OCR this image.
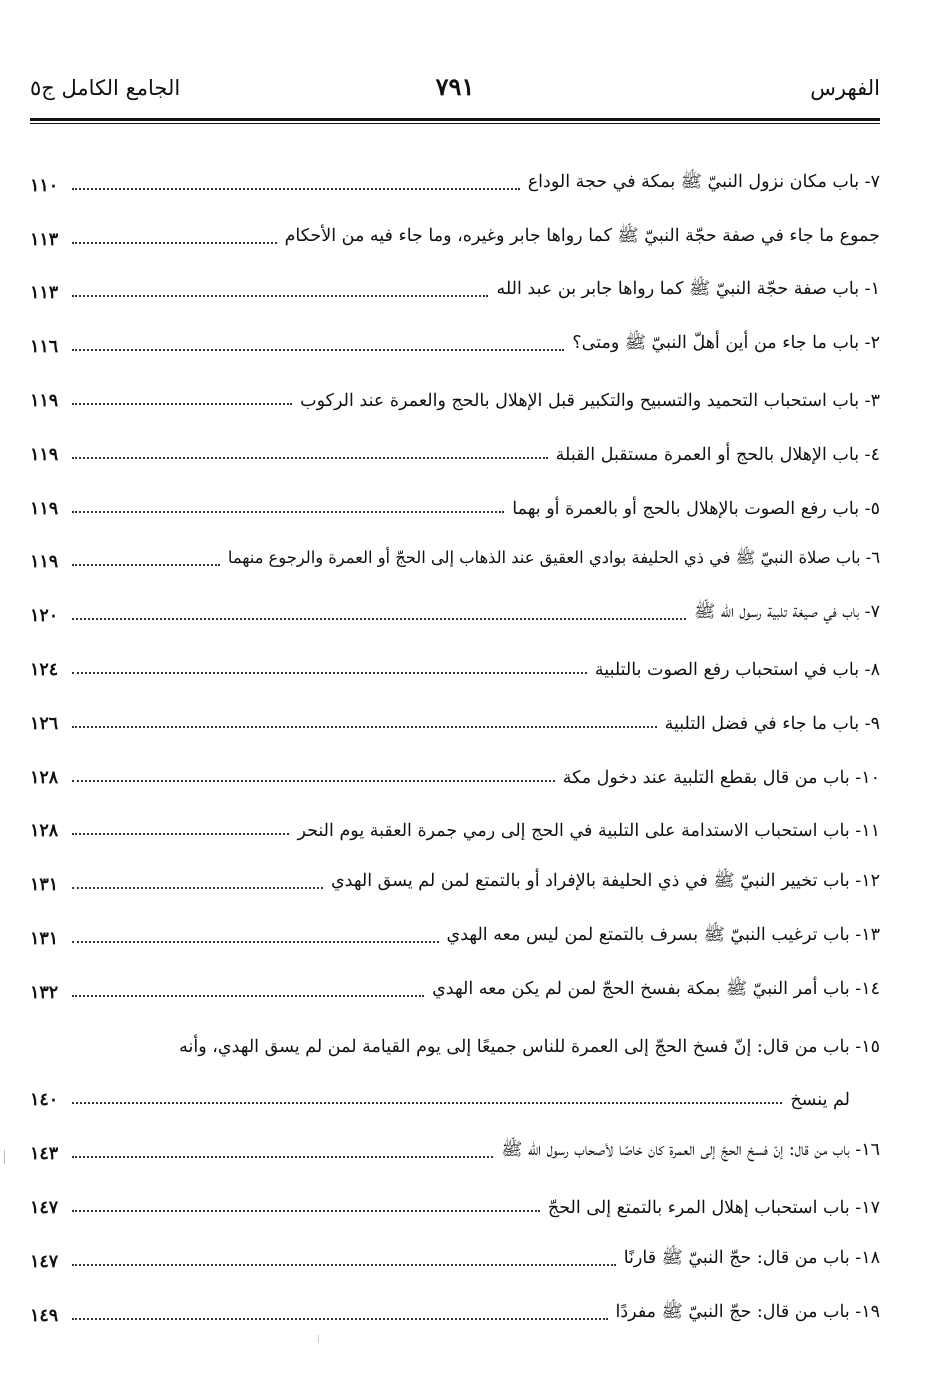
الفهرس
٧٩١
الجامع الكامل ج٥
٧- باب مكان نزول النبيّ ﷺ بمكة في حجة الوداع
١١٠
جموع ما جاء في صفة حجّة النبيّ ﷺ كما رواها جابر وغيره، وما جاء فيه من الأحكام
١١٣
١- باب صفة حجّة النبيّ ﷺ كما رواها جابر بن عبد الله
١١٣
٢- باب ما جاء من أين أهلّ النبيّ ﷺ ومتى؟
١١٦
٣- باب استحباب التحميد والتسبيح والتكبير قبل الإهلال بالحج والعمرة عند الركوب
١١٩
٤- باب الإهلال بالحج أو العمرة مستقبل القبلة
١١٩
٥- باب رفع الصوت بالإهلال بالحج أو بالعمرة أو بهما
١١٩
٦- باب صلاة النبيّ ﷺ في ذي الحليفة بوادي العقيق عند الذهاب إلى الحجّ أو العمرة والرجوع منهما
١١٩
٧- باب في صيغة تلبية رسول الله ﷺ
١٢٠
٨- باب في استحباب رفع الصوت بالتلبية
١٢٤
٩- باب ما جاء في فضل التلبية
١٢٦
١٠- باب من قال بقطع التلبية عند دخول مكة
١٢٨
١١- باب استحباب الاستدامة على التلبية في الحج إلى رمي جمرة العقبة يوم النحر
١٢٨
١٢- باب تخيير النبيّ ﷺ في ذي الحليفة بالإفراد أو بالتمتع لمن لم يسق الهدي
١٣١
١٣- باب ترغيب النبيّ ﷺ بسرف بالتمتع لمن ليس معه الهدي
١٣١
١٤- باب أمر النبيّ ﷺ بمكة بفسخ الحجّ لمن لم يكن معه الهدي
١٣٢
١٥- باب من قال: إنّ فسخ الحجّ إلى العمرة للناس جميعًا إلى يوم القيامة لمن لم يسق الهدي، وأنه
لم ينسخ
١٤٠
١٦- باب من قال: إنّ فسخ الحجّ إلى العمرة كان خاصًا لأصحاب رسول الله ﷺ
١٤٣
١٧- باب استحباب إهلال المرء بالتمتع إلى الحجّ
١٤٧
١٨- باب من قال: حجّ النبيّ ﷺ قارنًا
١٤٧
١٩- باب من قال: حجّ النبيّ ﷺ مفردًا
١٤٩
